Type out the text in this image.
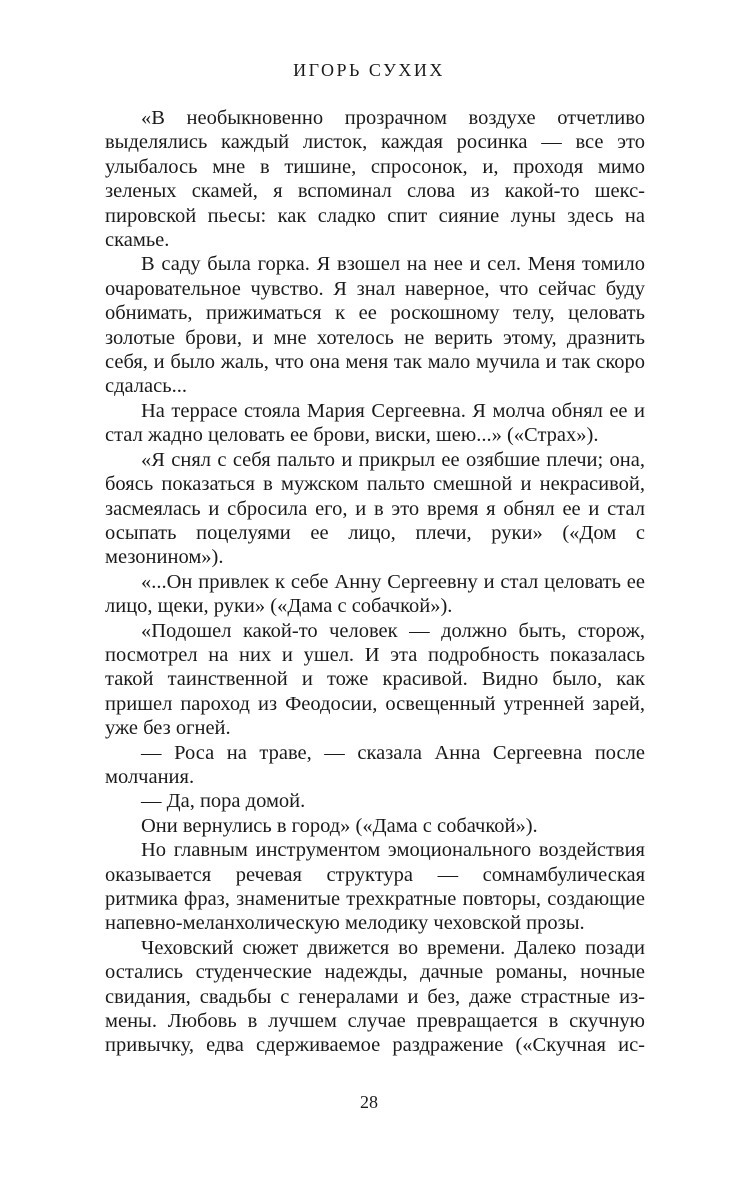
ИГОРЬ СУХИХ

«В необыкновенно прозрачном воздухе отчетливо выделялись каждый листок, каждая росинка — все это улыбалось мне в тишине, спросонок, и, проходя мимо зеленых скамей, я вспоминал слова из какой-то шекспировской пьесы: как сладко спит сияние луны здесь на скамье.

В саду была горка. Я взошел на нее и сел. Меня томило очаровательное чувство. Я знал наверное, что сейчас буду обнимать, прижиматься к ее роскошному телу, целовать золотые брови, и мне хотелось не верить этому, дразнить себя, и было жаль, что она меня так мало мучила и так скоро сдалась...

На террасе стояла Мария Сергеевна. Я молча обнял ее и стал жадно целовать ее брови, виски, шею...» («Страх»).

«Я снял с себя пальто и прикрыл ее озябшие плечи; она, боясь показаться в мужском пальто смешной и некрасивой, засмеялась и сбросила его, и в это время я обнял ее и стал осыпать поцелуями ее лицо, плечи, руки» («Дом с мезонином»).

«...Он привлек к себе Анну Сергеевну и стал целовать ее лицо, щеки, руки» («Дама с собачкой»).

«Подошел какой-то человек — должно быть, сторож, посмотрел на них и ушел. И эта подробность показалась такой таинственной и тоже красивой. Видно было, как пришел пароход из Феодосии, освещенный утренней зарей, уже без огней.

— Роса на траве, — сказала Анна Сергеевна после молчания.

— Да, пора домой.

Они вернулись в город» («Дама с собачкой»).

Но главным инструментом эмоционального воздействия оказывается речевая структура — сомнамбулическая ритмика фраз, знаменитые трехкратные повторы, создающие напевно-меланхолическую мелодику чеховской прозы.

Чеховский сюжет движется во времени. Далеко позади остались студенческие надежды, дачные романы, ночные свидания, свадьбы с генералами и без, даже страстные измены. Любовь в лучшем случае превращается в скучную привычку, едва сдерживаемое раздражение («Скучная ис-

28
